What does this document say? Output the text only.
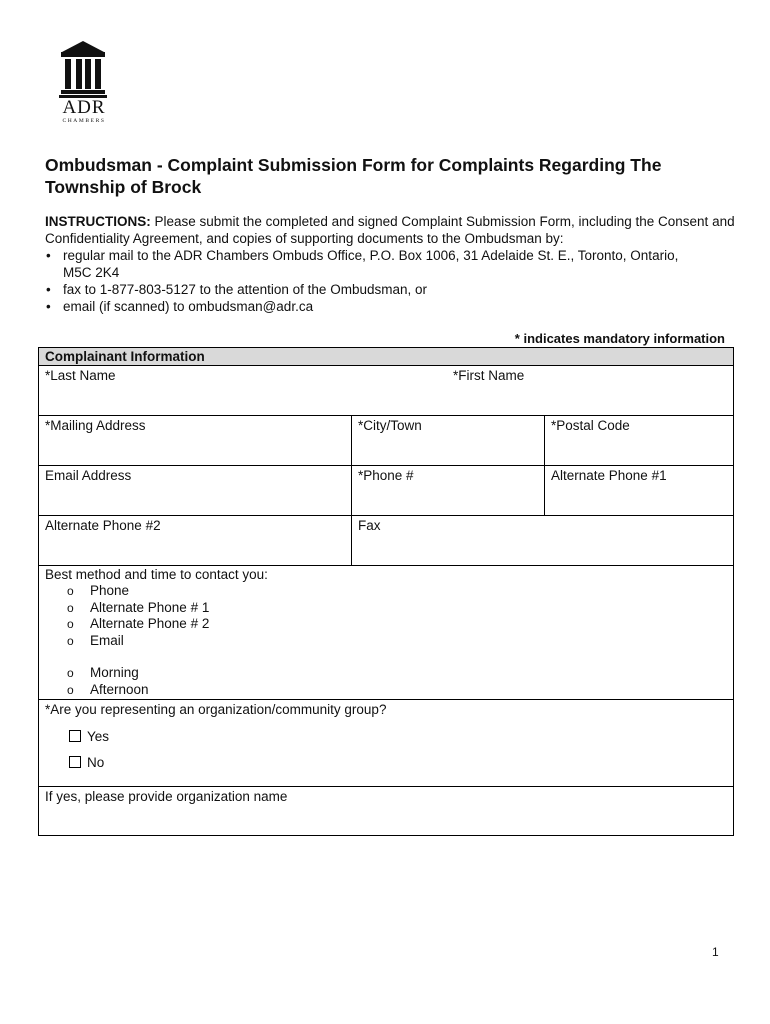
ADR
CHAMBERS
Ombudsman - Complaint Submission Form for Complaints Regarding The Township of Brock
INSTRUCTIONS: Please submit the completed and signed Complaint Submission Form, including the Consent and Confidentiality Agreement, and copies of supporting documents to the Ombudsman by:
• regular mail to the ADR Chambers Ombuds Office, P.O. Box 1006, 31 Adelaide St. E., Toronto, Ontario, M5C 2K4
• fax to 1-877-803-5127 to the attention of the Ombudsman, or
• email (if scanned) to ombudsman@adr.ca
* indicates mandatory information
Complainant Information
*Last Name	*First Name
*Mailing Address	*City/Town	*Postal Code
Email Address	*Phone #	Alternate Phone #1
Alternate Phone #2	Fax
Best method and time to contact you:
o Phone
o Alternate Phone # 1
o Alternate Phone # 2
o Email
o Morning
o Afternoon
*Are you representing an organization/community group?
Yes
No
If yes, please provide organization name
1
